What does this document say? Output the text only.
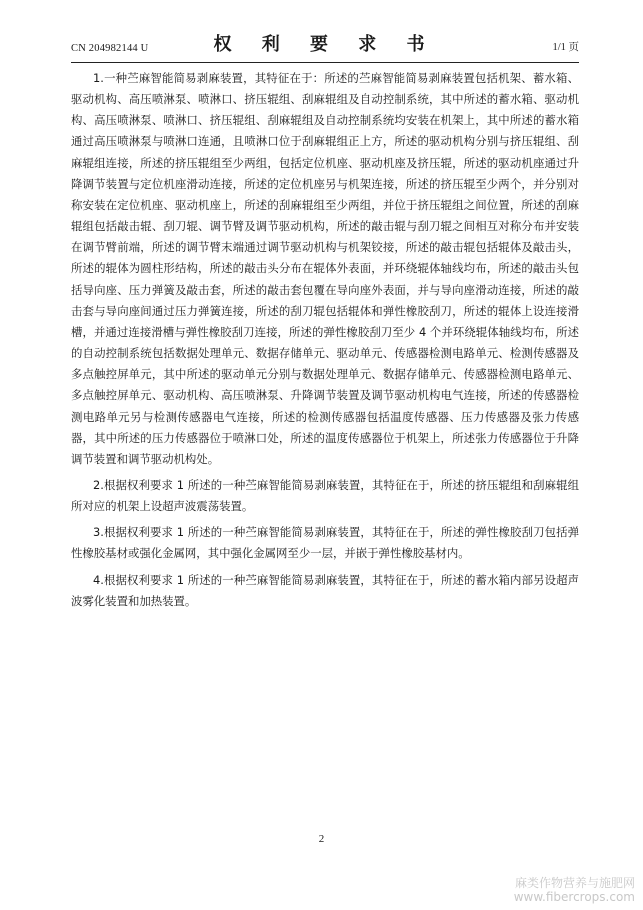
CN 204982144 U	权 利 要 求 书	1/1 页

1.一种苎麻智能简易剥麻装置，其特征在于：所述的苎麻智能简易剥麻装置包括机架、蓄水箱、驱动机构、高压喷淋泵、喷淋口、挤压辊组、刮麻辊组及自动控制系统，其中所述的蓄水箱、驱动机构、高压喷淋泵、喷淋口、挤压辊组、刮麻辊组及自动控制系统均安装在机架上，其中所述的蓄水箱通过高压喷淋泵与喷淋口连通，且喷淋口位于刮麻辊组正上方，所述的驱动机构分别与挤压辊组、刮麻辊组连接，所述的挤压辊组至少两组，包括定位机座、驱动机座及挤压辊，所述的驱动机座通过升降调节装置与定位机座滑动连接，所述的定位机座另与机架连接，所述的挤压辊至少两个，并分别对称安装在定位机座、驱动机座上，所述的刮麻辊组至少两组，并位于挤压辊组之间位置，所述的刮麻辊组包括敲击辊、刮刀辊、调节臂及调节驱动机构，所述的敲击辊与刮刀辊之间相互对称分布并安装在调节臂前端，所述的调节臂末端通过调节驱动机构与机架铰接，所述的敲击辊包括辊体及敲击头，所述的辊体为圆柱形结构，所述的敲击头分布在辊体外表面，并环绕辊体轴线均布，所述的敲击头包括导向座、压力弹簧及敲击套，所述的敲击套包覆在导向座外表面，并与导向座滑动连接，所述的敲击套与导向座间通过压力弹簧连接，所述的刮刀辊包括辊体和弹性橡胶刮刀，所述的辊体上设连接滑槽，并通过连接滑槽与弹性橡胶刮刀连接，所述的弹性橡胶刮刀至少 4 个并环绕辊体轴线均布，所述的自动控制系统包括数据处理单元、数据存储单元、驱动单元、传感器检测电路单元、检测传感器及多点触控屏单元，其中所述的驱动单元分别与数据处理单元、数据存储单元、传感器检测电路单元、多点触控屏单元、驱动机构、高压喷淋泵、升降调节装置及调节驱动机构电气连接，所述的传感器检测电路单元另与检测传感器电气连接，所述的检测传感器包括温度传感器、压力传感器及张力传感器，其中所述的压力传感器位于喷淋口处，所述的温度传感器位于机架上，所述张力传感器位于升降调节装置和调节驱动机构处。

2.根据权利要求 1 所述的一种苎麻智能简易剥麻装置，其特征在于，所述的挤压辊组和刮麻辊组所对应的机架上设超声波震荡装置。

3.根据权利要求 1 所述的一种苎麻智能简易剥麻装置，其特征在于，所述的弹性橡胶刮刀包括弹性橡胶基材或强化金属网，其中强化金属网至少一层，并嵌于弹性橡胶基材内。

4.根据权利要求 1 所述的一种苎麻智能简易剥麻装置，其特征在于，所述的蓄水箱内部另设超声波雾化装置和加热装置。

2
麻类作物营养与施肥网
www.fibercrops.com
